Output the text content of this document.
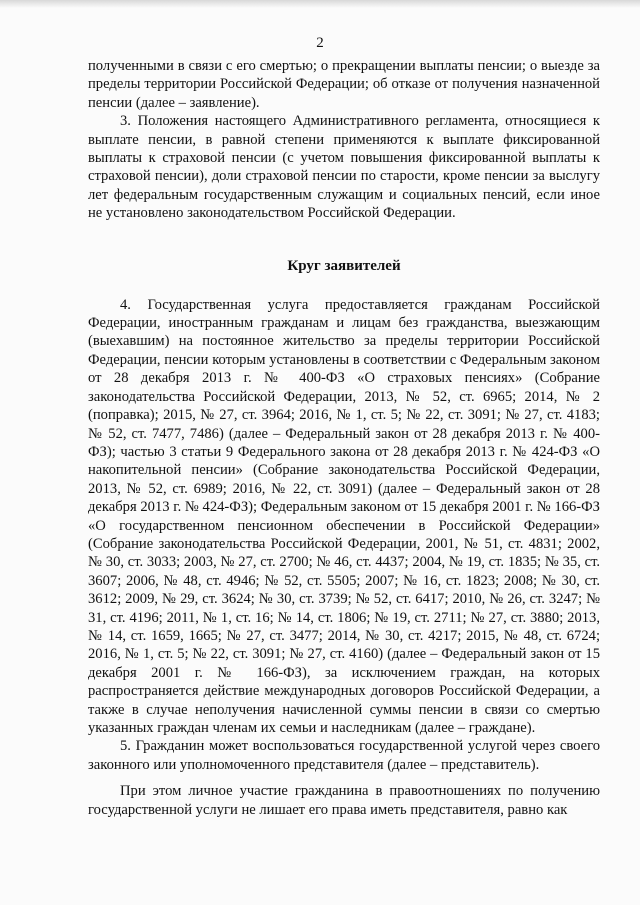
2

полученными в связи с его смертью; о прекращении выплаты пенсии; о выезде за пределы территории Российской Федерации; об отказе от получения назначенной пенсии (далее – заявление).

3. Положения настоящего Административного регламента, относящиеся к выплате пенсии, в равной степени применяются к выплате фиксированной выплаты к страховой пенсии (с учетом повышения фиксированной выплаты к страховой пенсии), доли страховой пенсии по старости, кроме пенсии за выслугу лет федеральным государственным служащим и социальных пенсий, если иное не установлено законодательством Российской Федерации.

Круг заявителей

4. Государственная услуга предоставляется гражданам Российской Федерации, иностранным гражданам и лицам без гражданства, выезжающим (выехавшим) на постоянное жительство за пределы территории Российской Федерации, пенсии которым установлены в соответствии с Федеральным законом от 28 декабря 2013 г. № 400-ФЗ «О страховых пенсиях» (Собрание законодательства Российской Федерации, 2013, № 52, ст. 6965; 2014, № 2 (поправка); 2015, № 27, ст. 3964; 2016, № 1, ст. 5; № 22, ст. 3091; № 27, ст. 4183; № 52, ст. 7477, 7486) (далее – Федеральный закон от 28 декабря 2013 г. № 400-ФЗ); частью 3 статьи 9 Федерального закона от 28 декабря 2013 г. № 424-ФЗ «О накопительной пенсии» (Собрание законодательства Российской Федерации, 2013, № 52, ст. 6989; 2016, № 22, ст. 3091) (далее – Федеральный закон от 28 декабря 2013 г. № 424-ФЗ); Федеральным законом от 15 декабря 2001 г. № 166-ФЗ «О государственном пенсионном обеспечении в Российской Федерации» (Собрание законодательства Российской Федерации, 2001, № 51, ст. 4831; 2002, № 30, ст. 3033; 2003, № 27, ст. 2700; № 46, ст. 4437; 2004, № 19, ст. 1835; № 35, ст. 3607; 2006, № 48, ст. 4946; № 52, ст. 5505; 2007; № 16, ст. 1823; 2008; № 30, ст. 3612; 2009, № 29, ст. 3624; № 30, ст. 3739; № 52, ст. 6417; 2010, № 26, ст. 3247; № 31, ст. 4196; 2011, № 1, ст. 16; № 14, ст. 1806; № 19, ст. 2711; № 27, ст. 3880; 2013, № 14, ст. 1659, 1665; № 27, ст. 3477; 2014, № 30, ст. 4217; 2015, № 48, ст. 6724; 2016, № 1, ст. 5; № 22, ст. 3091; № 27, ст. 4160) (далее – Федеральный закон от 15 декабря 2001 г. № 166-ФЗ), за исключением граждан, на которых распространяется действие международных договоров Российской Федерации, а также в случае неполучения начисленной суммы пенсии в связи со смертью указанных граждан членам их семьи и наследникам (далее – граждане).

5. Гражданин может воспользоваться государственной услугой через своего законного или уполномоченного представителя (далее – представитель).

При этом личное участие гражданина в правоотношениях по получению государственной услуги не лишает его права иметь представителя, равно как
